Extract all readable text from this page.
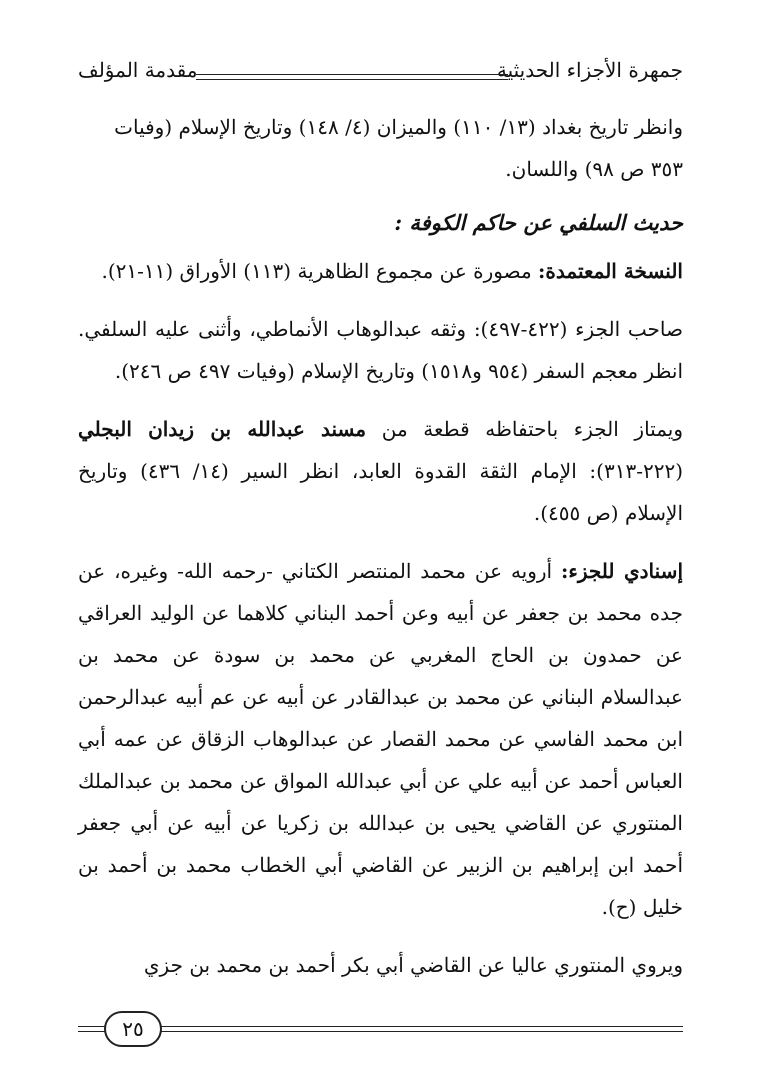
جمهرة الأجزاء الحديثية
مقدمة المؤلف

وانظر تاريخ بغداد (١٣/ ١١٠) والميزان (٤/ ١٤٨) وتاريخ الإسلام (وفيات
٣٥٣ ص ٩٨) واللسان.

حديث السلفي عن حاكم الكوفة :

النسخة المعتمدة: مصورة عن مجموع الظاهرية (١١٣) الأوراق (١١-٢١).

صاحب الجزء (٤٢٢-٤٩٧): وثقه عبدالوهاب الأنماطي، وأثنى عليه السلفي. انظر معجم السفر (٩٥٤ و١٥١٨) وتاريخ الإسلام (وفيات ٤٩٧ ص ٢٤٦).

ويمتاز الجزء باحتفاظه قطعة من مسند عبدالله بن زيدان البجلي (٢٢٢-٣١٣): الإمام الثقة القدوة العابد، انظر السير (١٤/ ٤٣٦) وتاريخ الإسلام (ص ٤٥٥).

إسنادي للجزء: أرويه عن محمد المنتصر الكتاني -رحمه الله- وغيره، عن جده محمد بن جعفر عن أبيه وعن أحمد البناني كلاهما عن الوليد العراقي عن حمدون بن الحاج المغربي عن محمد بن سودة عن محمد بن عبدالسلام البناني عن محمد بن عبدالقادر عن أبيه عن عم أبيه عبدالرحمن ابن محمد الفاسي عن محمد القصار عن عبدالوهاب الزقاق عن عمه أبي العباس أحمد عن أبيه علي عن أبي عبدالله المواق عن محمد بن عبدالملك المنتوري عن القاضي يحيى بن عبدالله بن زكريا عن أبيه عن أبي جعفر أحمد ابن إبراهيم بن الزبير عن القاضي أبي الخطاب محمد بن أحمد بن خليل (ح).

ويروي المنتوري عاليا عن القاضي أبي بكر أحمد بن محمد بن جزي

٢٥
